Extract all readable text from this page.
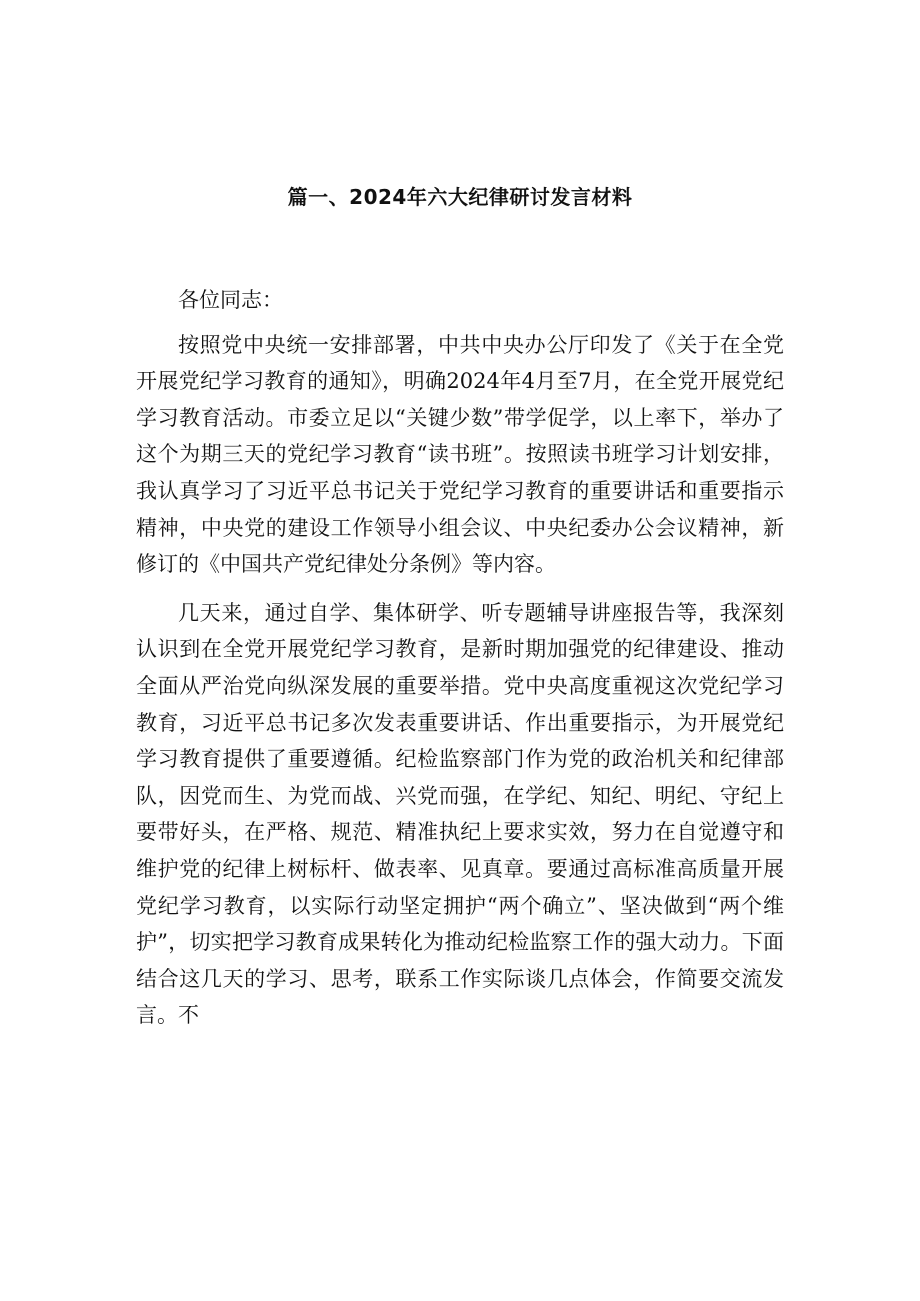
篇一、2024年六大纪律研讨发言材料

各位同志：

按照党中央统一安排部署，中共中央办公厅印发了《关于在全党开展党纪学习教育的通知》，明确2024年4月至7月，在全党开展党纪学习教育活动。市委立足以“关键少数”带学促学，以上率下，举办了这个为期三天的党纪学习教育“读书班”。按照读书班学习计划安排，我认真学习了习近平总书记关于党纪学习教育的重要讲话和重要指示精神，中央党的建设工作领导小组会议、中央纪委办公会议精神，新修订的《中国共产党纪律处分条例》等内容。

几天来，通过自学、集体研学、听专题辅导讲座报告等，我深刻认识到在全党开展党纪学习教育，是新时期加强党的纪律建设、推动全面从严治党向纵深发展的重要举措。党中央高度重视这次党纪学习教育，习近平总书记多次发表重要讲话、作出重要指示，为开展党纪学习教育提供了重要遵循。纪检监察部门作为党的政治机关和纪律部队，因党而生、为党而战、兴党而强，在学纪、知纪、明纪、守纪上要带好头，在严格、规范、精准执纪上要求实效，努力在自觉遵守和维护党的纪律上树标杆、做表率、见真章。要通过高标准高质量开展党纪学习教育，以实际行动坚定拥护“两个确立”、坚决做到“两个维护”，切实把学习教育成果转化为推动纪检监察工作的强大动力。下面结合这几天的学习、思考，联系工作实际谈几点体会，作简要交流发言。不
